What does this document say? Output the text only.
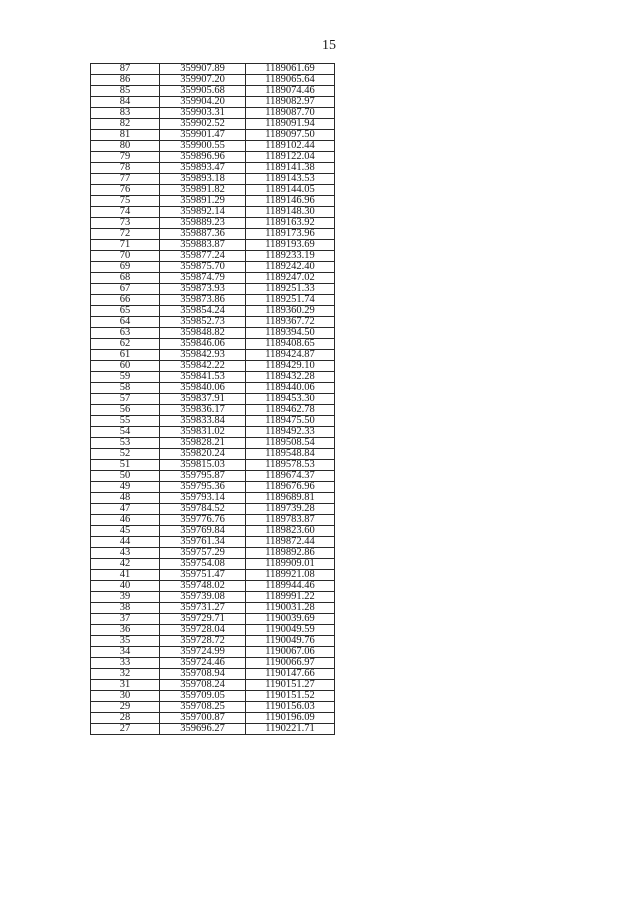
15
87	359907.89	1189061.69
86	359907.20	1189065.64
85	359905.68	1189074.46
84	359904.20	1189082.97
83	359903.31	1189087.70
82	359902.52	1189091.94
81	359901.47	1189097.50
80	359900.55	1189102.44
79	359896.96	1189122.04
78	359893.47	1189141.38
77	359893.18	1189143.53
76	359891.82	1189144.05
75	359891.29	1189146.96
74	359892.14	1189148.30
73	359889.23	1189163.92
72	359887.36	1189173.96
71	359883.87	1189193.69
70	359877.24	1189233.19
69	359875.70	1189242.40
68	359874.79	1189247.02
67	359873.93	1189251.33
66	359873.86	1189251.74
65	359854.24	1189360.29
64	359852.73	1189367.72
63	359848.82	1189394.50
62	359846.06	1189408.65
61	359842.93	1189424.87
60	359842.22	1189429.10
59	359841.53	1189432.28
58	359840.06	1189440.06
57	359837.91	1189453.30
56	359836.17	1189462.78
55	359833.84	1189475.50
54	359831.02	1189492.33
53	359828.21	1189508.54
52	359820.24	1189548.84
51	359815.03	1189578.53
50	359795.87	1189674.37
49	359795.36	1189676.96
48	359793.14	1189689.81
47	359784.52	1189739.28
46	359776.76	1189783.87
45	359769.84	1189823.60
44	359761.34	1189872.44
43	359757.29	1189892.86
42	359754.08	1189909.01
41	359751.47	1189921.08
40	359748.02	1189944.46
39	359739.08	1189991.22
38	359731.27	1190031.28
37	359729.71	1190039.69
36	359728.04	1190049.59
35	359728.72	1190049.76
34	359724.99	1190067.06
33	359724.46	1190066.97
32	359708.94	1190147.66
31	359708.24	1190151.27
30	359709.05	1190151.52
29	359708.25	1190156.03
28	359700.87	1190196.09
27	359696.27	1190221.71
